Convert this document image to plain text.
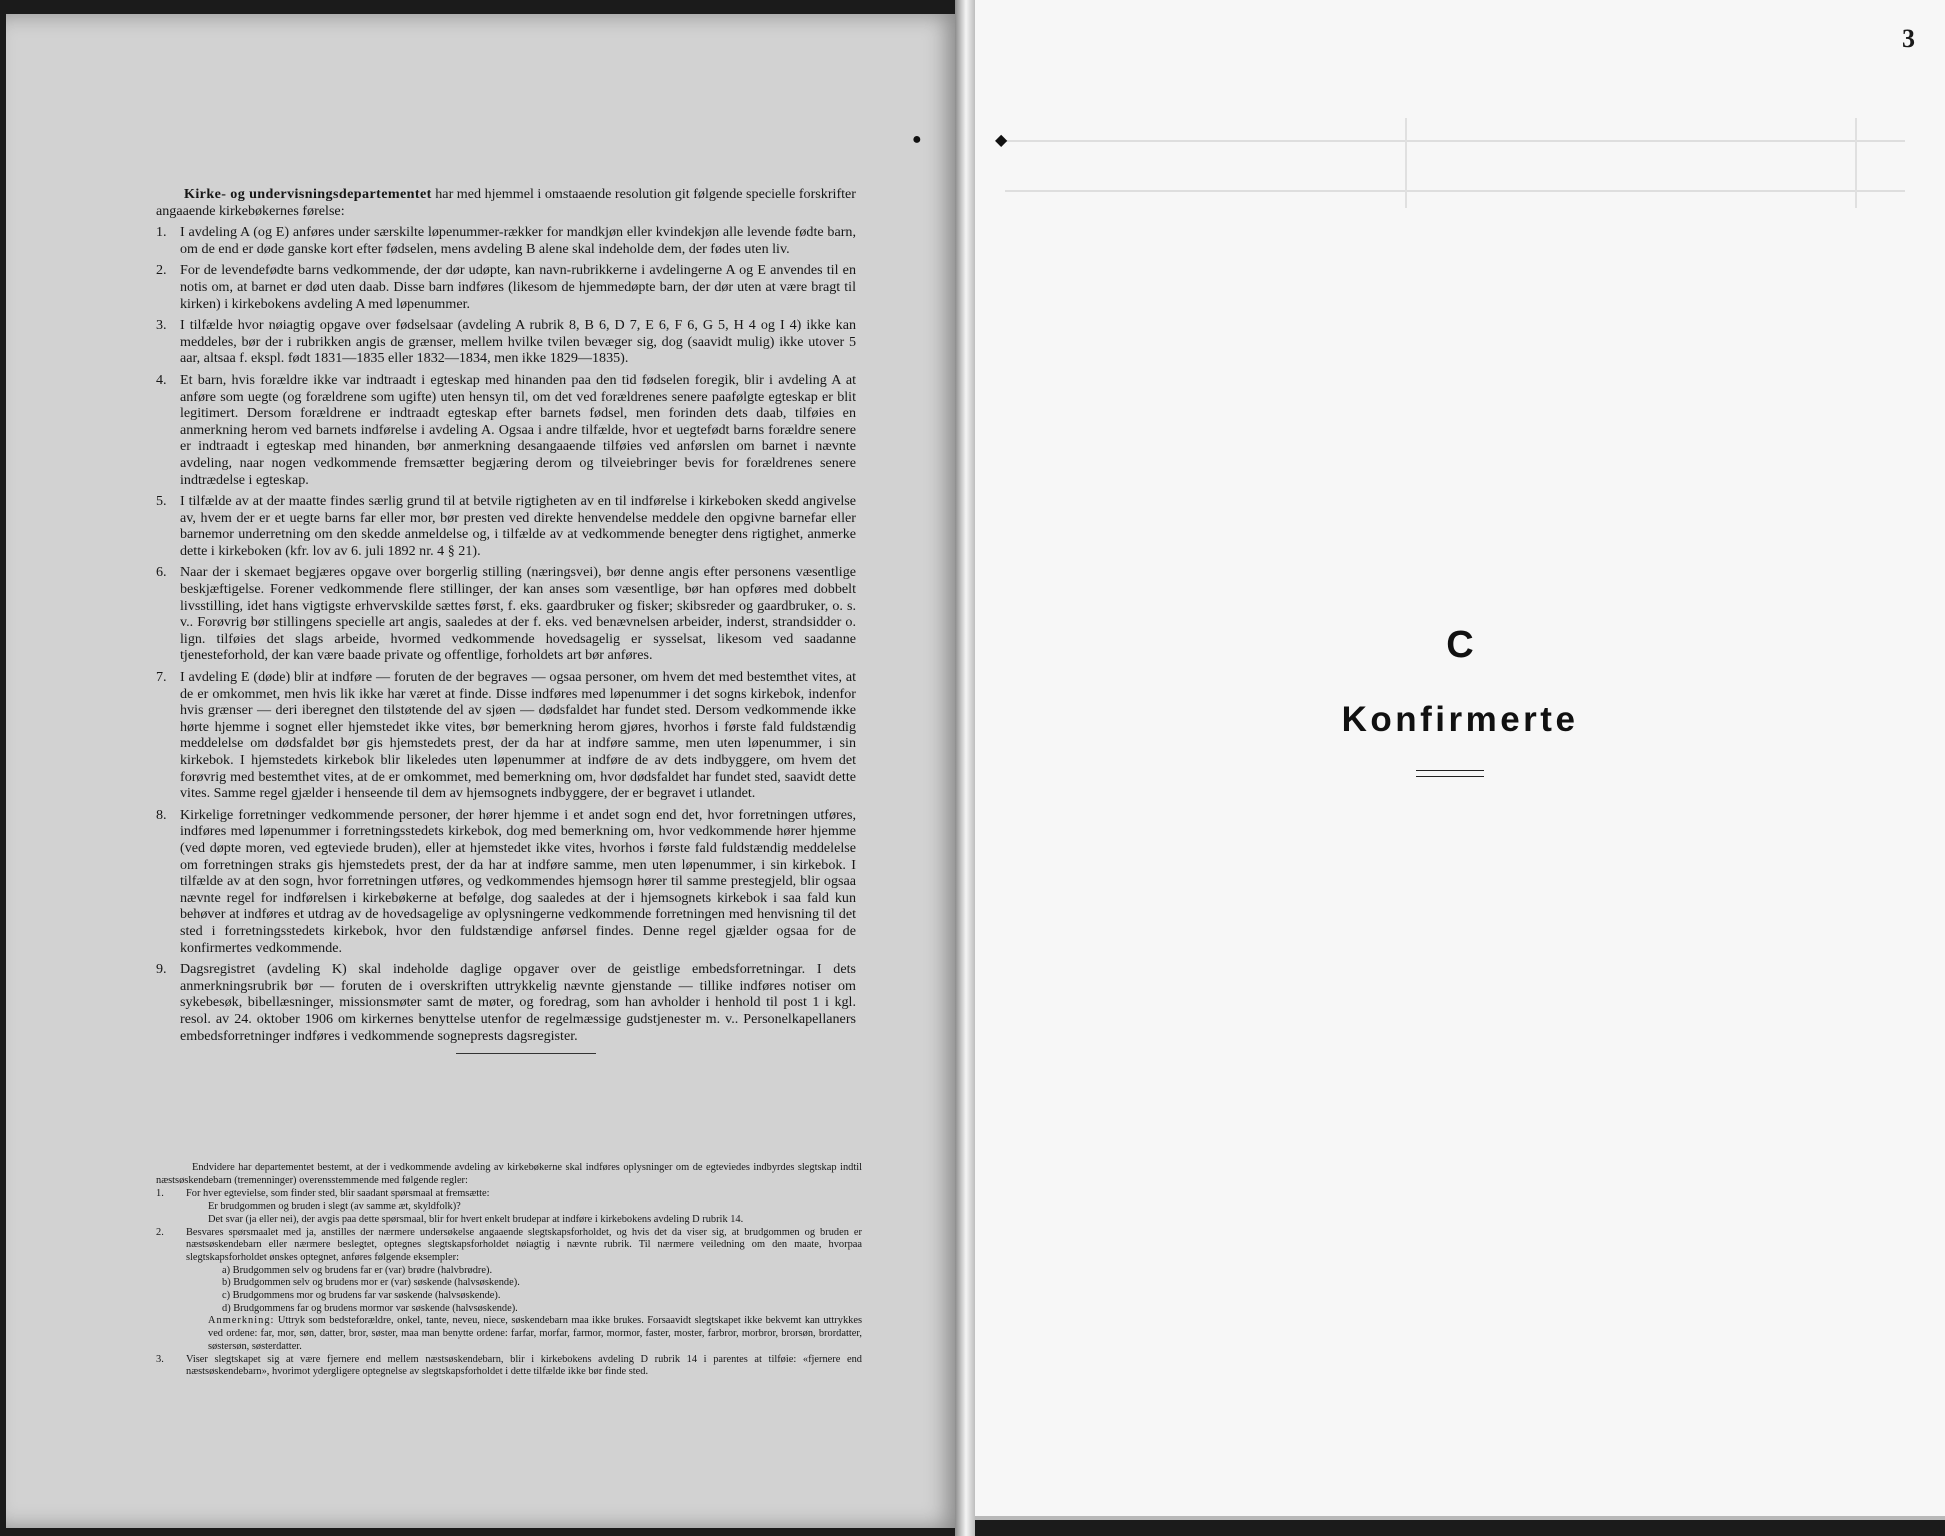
●

Kirke- og undervisningsdepartementet har med hjemmel i omstaaende resolution git følgende specielle forskrifter angaaende kirkebøkernes førelse:

1. I avdeling A (og E) anføres under særskilte løpenummer-rækker for mandkjøn eller kvindekjøn alle levende fødte barn, om de end er døde ganske kort efter fødselen, mens avdeling B alene skal indeholde dem, der fødes uten liv.
2. For de levendefødte barns vedkommende, der dør udøpte, kan navn-rubrikkerne i avdelingerne A og E anvendes til en notis om, at barnet er død uten daab. Disse barn indføres (likesom de hjemmedøpte barn, der dør uten at være bragt til kirken) i kirkebokens avdeling A med løpenummer.
3. I tilfælde hvor nøiagtig opgave over fødselsaar (avdeling A rubrik 8, B 6, D 7, E 6, F 6, G 5, H 4 og I 4) ikke kan meddeles, bør der i rubrikken angis de grænser, mellem hvilke tvilen bevæger sig, dog (saavidt mulig) ikke utover 5 aar, altsaa f. ekspl. født 1831—1835 eller 1832—1834, men ikke 1829—1835).
4. Et barn, hvis forældre ikke var indtraadt i egteskap med hinanden paa den tid fødselen foregik, blir i avdeling A at anføre som uegte (og forældrene som ugifte) uten hensyn til, om det ved forældrenes senere paafølgte egteskap er blit legitimert. Dersom forældrene er indtraadt egteskap efter barnets fødsel, men forinden dets daab, tilføies en anmerkning herom ved barnets indførelse i avdeling A. Ogsaa i andre tilfælde, hvor et uegtefødt barns forældre senere er indtraadt i egteskap med hinanden, bør anmerkning desangaaende tilføies ved anførslen om barnet i nævnte avdeling, naar nogen vedkommende fremsætter begjæring derom og tilveiebringer bevis for forældrenes senere indtrædelse i egteskap.
5. I tilfælde av at der maatte findes særlig grund til at betvile rigtigheten av en til indførelse i kirkeboken skedd angivelse av, hvem der er et uegte barns far eller mor, bør presten ved direkte henvendelse meddele den opgivne barnefar eller barnemor underretning om den skedde anmeldelse og, i tilfælde av at vedkommende benegter dens rigtighet, anmerke dette i kirkeboken (kfr. lov av 6. juli 1892 nr. 4 § 21).
6. Naar der i skemaet begjæres opgave over borgerlig stilling (næringsvei), bør denne angis efter personens væsentlige beskjæftigelse. Forener vedkommende flere stillinger, der kan anses som væsentlige, bør han opføres med dobbelt livsstilling, idet hans vigtigste erhvervskilde sættes først, f. eks. gaardbruker og fisker; skibsreder og gaardbruker, o. s. v.. Forøvrig bør stillingens specielle art angis, saaledes at der f. eks. ved benævnelsen arbeider, inderst, strandsidder o. lign. tilføies det slags arbeide, hvormed vedkommende hovedsagelig er sysselsat, likesom ved saadanne tjenesteforhold, der kan være baade private og offentlige, forholdets art bør anføres.
7. I avdeling E (døde) blir at indføre — foruten de der begraves — ogsaa personer, om hvem det med bestemthet vites, at de er omkommet, men hvis lik ikke har været at finde. Disse indføres med løpenummer i det sogns kirkebok, indenfor hvis grænser — deri iberegnet den tilstøtende del av sjøen — dødsfaldet har fundet sted. Dersom vedkommende ikke hørte hjemme i sognet eller hjemstedet ikke vites, bør bemerkning herom gjøres, hvorhos i første fald fuldstændig meddelelse om dødsfaldet bør gis hjemstedets prest, der da har at indføre samme, men uten løpenummer, i sin kirkebok. I hjemstedets kirkebok blir likeledes uten løpenummer at indføre de av dets indbyggere, om hvem det forøvrig med bestemthet vites, at de er omkommet, med bemerkning om, hvor dødsfaldet har fundet sted, saavidt dette vites. Samme regel gjælder i henseende til dem av hjemsognets indbyggere, der er begravet i utlandet.
8. Kirkelige forretninger vedkommende personer, der hører hjemme i et andet sogn end det, hvor forretningen utføres, indføres med løpenummer i forretningsstedets kirkebok, dog med bemerkning om, hvor vedkommende hører hjemme (ved døpte moren, ved egteviede bruden), eller at hjemstedet ikke vites, hvorhos i første fald fuldstændig meddelelse om forretningen straks gis hjemstedets prest, der da har at indføre samme, men uten løpenummer, i sin kirkebok. I tilfælde av at den sogn, hvor forretningen utføres, og vedkommendes hjemsogn hører til samme prestegjeld, blir ogsaa nævnte regel for indførelsen i kirkebøkerne at befølge, dog saaledes at der i hjemsognets kirkebok i saa fald kun behøver at indføres et utdrag av de hovedsagelige av oplysningerne vedkommende forretningen med henvisning til det sted i forretningsstedets kirkebok, hvor den fuldstændige anførsel findes. Denne regel gjælder ogsaa for de konfirmertes vedkommende.
9. Dagsregistret (avdeling K) skal indeholde daglige opgaver over de geistlige embedsforretningar. I dets anmerkningsrubrik bør — foruten de i overskriften uttrykkelig nævnte gjenstande — tillike indføres notiser om sykebesøk, bibellæsninger, missionsmøter samt de møter, og foredrag, som han avholder i henhold til post 1 i kgl. resol. av 24. oktober 1906 om kirkernes benyttelse utenfor de regelmæssige gudstjenester m. v.. Personelkapellaners embedsforretninger indføres i vedkommende sogneprests dagsregister.

Endvidere har departementet bestemt, at der i vedkommende avdeling av kirkebøkerne skal indføres oplysninger om de egteviedes indbyrdes slegtskap indtil næstsøskendebarn (tremenninger) overensstemmende med følgende regler:

1.	For hver egtevielse, som finder sted, blir saadant spørsmaal at fremsætte:
Er brudgommen og bruden i slegt (av samme æt, skyldfolk)?
Det svar (ja eller nei), der avgis paa dette spørsmaal, blir for hvert enkelt brudepar at indføre i kirkebokens avdeling D rubrik 14.
2.	Besvares spørsmaalet med ja, anstilles der nærmere undersøkelse angaaende slegtskapsforholdet, og hvis det da viser sig, at brudgommen og bruden er næstsøskendebarn eller nærmere beslegtet, optegnes slegtskapsforholdet nøiagtig i nævnte rubrik. Til nærmere veiledning om den maate, hvorpaa slegtskapsforholdet ønskes optegnet, anføres følgende eksempler:
a) Brudgommen selv og brudens far er (var) brødre (halvbrødre).
b) Brudgommen selv og brudens mor er (var) søskende (halvsøskende).
c) Brudgommens mor og brudens far var søskende (halvsøskende).
d) Brudgommens far og brudens mormor var søskende (halvsøskende).
Anmerkning: Uttryk som bedsteforældre, onkel, tante, neveu, niece, søskendebarn maa ikke brukes. Forsaavidt slegtskapet ikke bekvemt kan uttrykkes ved ordene: far, mor, søn, datter, bror, søster, maa man benytte ordene: farfar, morfar, farmor, mormor, faster, moster, farbror, morbror, brorsøn, brordatter, søstersøn, søsterdatter.
3.	Viser slegtskapet sig at være fjernere end mellem næstsøskendebarn, blir i kirkebokens avdeling D rubrik 14 i parentes at tilføie: «fjernere end næstsøskendebarn», hvorimot ydergligere optegnelse av slegtskapsforholdet i dette tilfælde ikke bør finde sted.
◆
3
C
Konfirmerte
